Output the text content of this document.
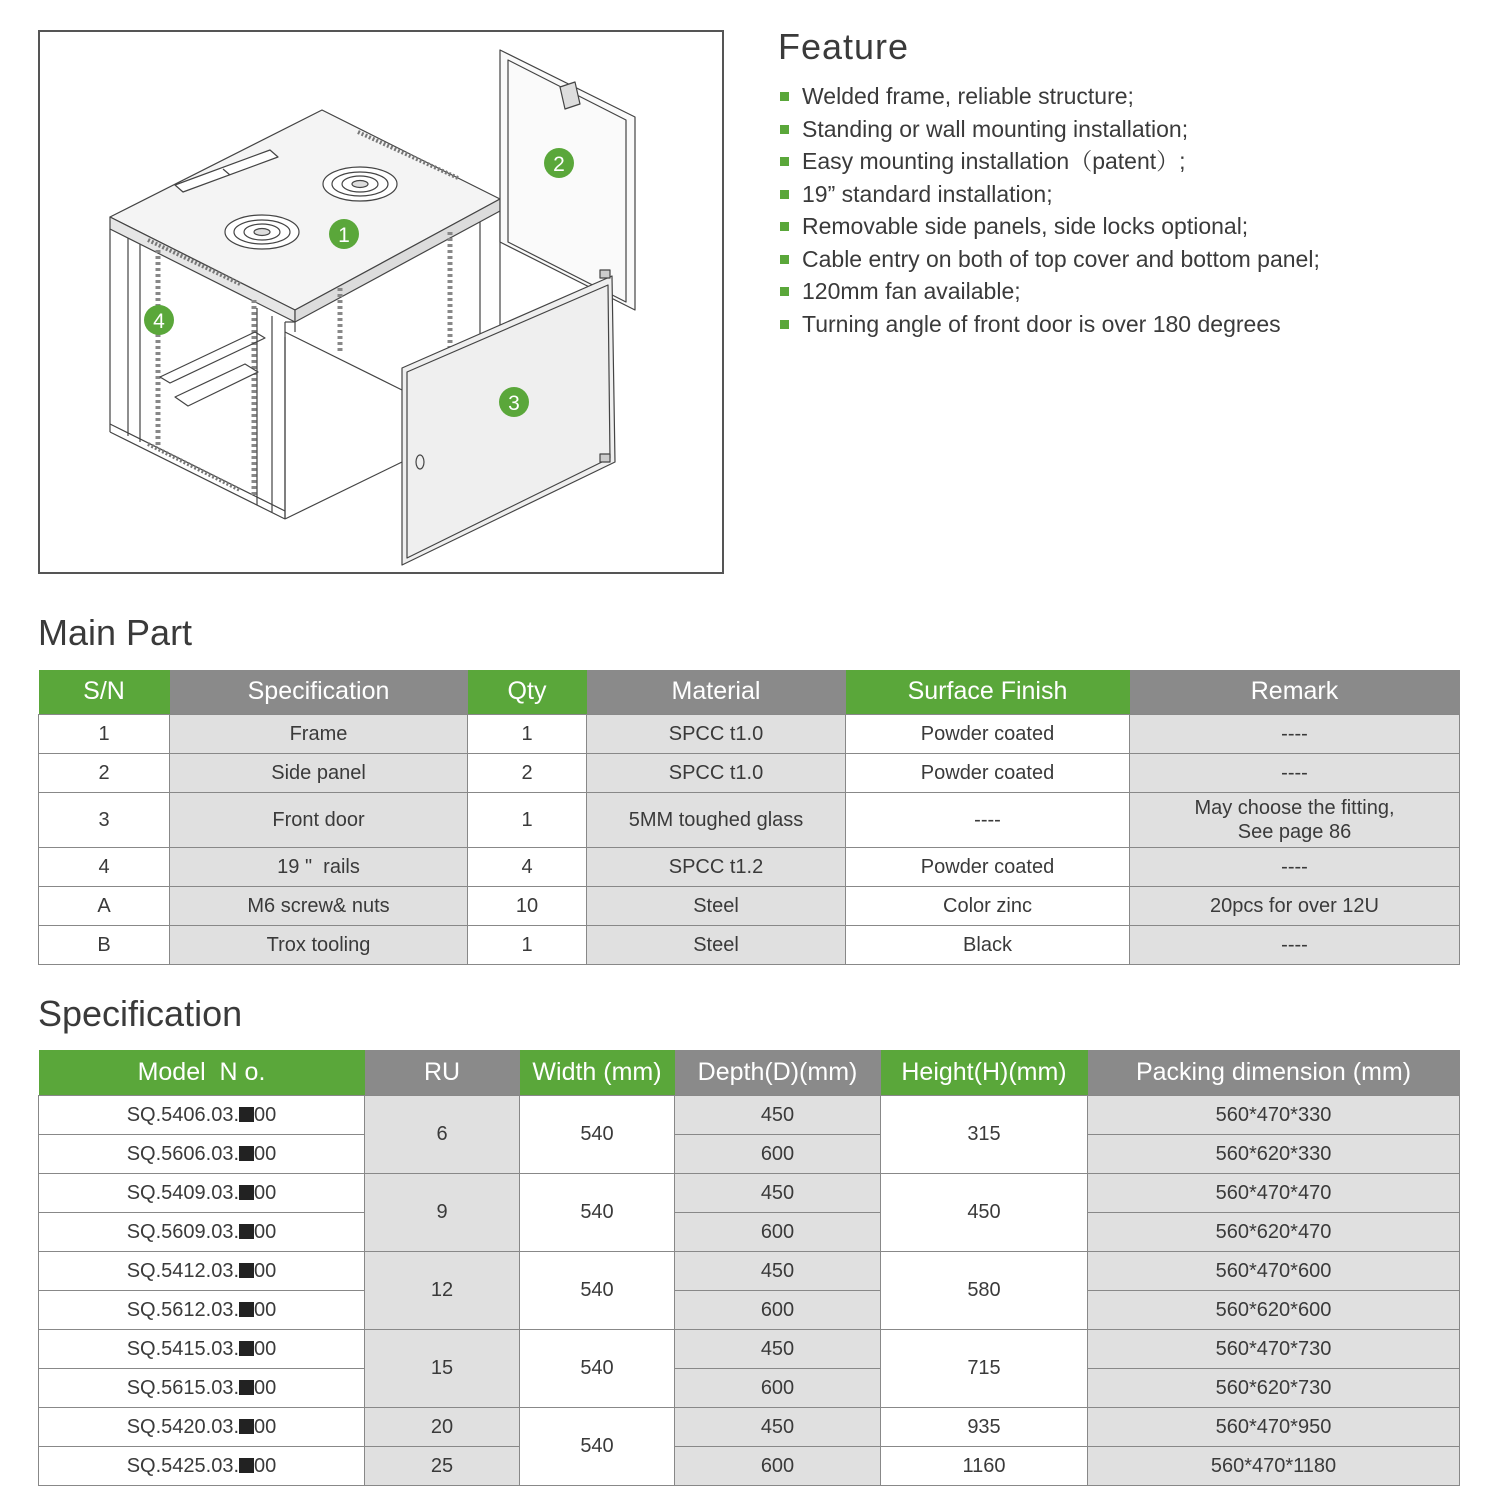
1
2
3
4
Feature
Welded frame, reliable structure;
Standing or wall mounting installation;
Easy mounting installation（patent）;
19” standard installation;
Removable side panels, side locks optional;
Cable entry on both of top cover and bottom panel;
120mm fan available;
Turning angle of front door is over 180 degrees
Main Part
S/N	Specification	Qty	Material	Surface Finish	Remark
1	Frame	1	SPCC t1.0	Powder coated	----
2	Side panel	2	SPCC t1.0	Powder coated	----
3	Front door	1	5MM toughed glass	----	May choose the fitting,
See page 86
4	19 "  rails	4	SPCC t1.2	Powder coated	----
A	M6 screw& nuts	10	Steel	Color zinc	20pcs for over 12U
B	Trox tooling	1	Steel	Black	----
Specification
Model  N o.	RU	Width (mm)	Depth(D)(mm)	Height(H)(mm)	Packing dimension (mm)
SQ.5406.03. 00	6	540	450	315	560*470*330
SQ.5606.03. 00			600		560*620*330
SQ.5409.03. 00	9	540	450	450	560*470*470
SQ.5609.03. 00			600		560*620*470
SQ.5412.03. 00	12	540	450	580	560*470*600
SQ.5612.03. 00			600		560*620*600
SQ.5415.03. 00	15	540	450	715	560*470*730
SQ.5615.03. 00			600		560*620*730
SQ.5420.03. 00	20	540	450	935	560*470*950
SQ.5425.03. 00	25		600	1160	560*470*1180
